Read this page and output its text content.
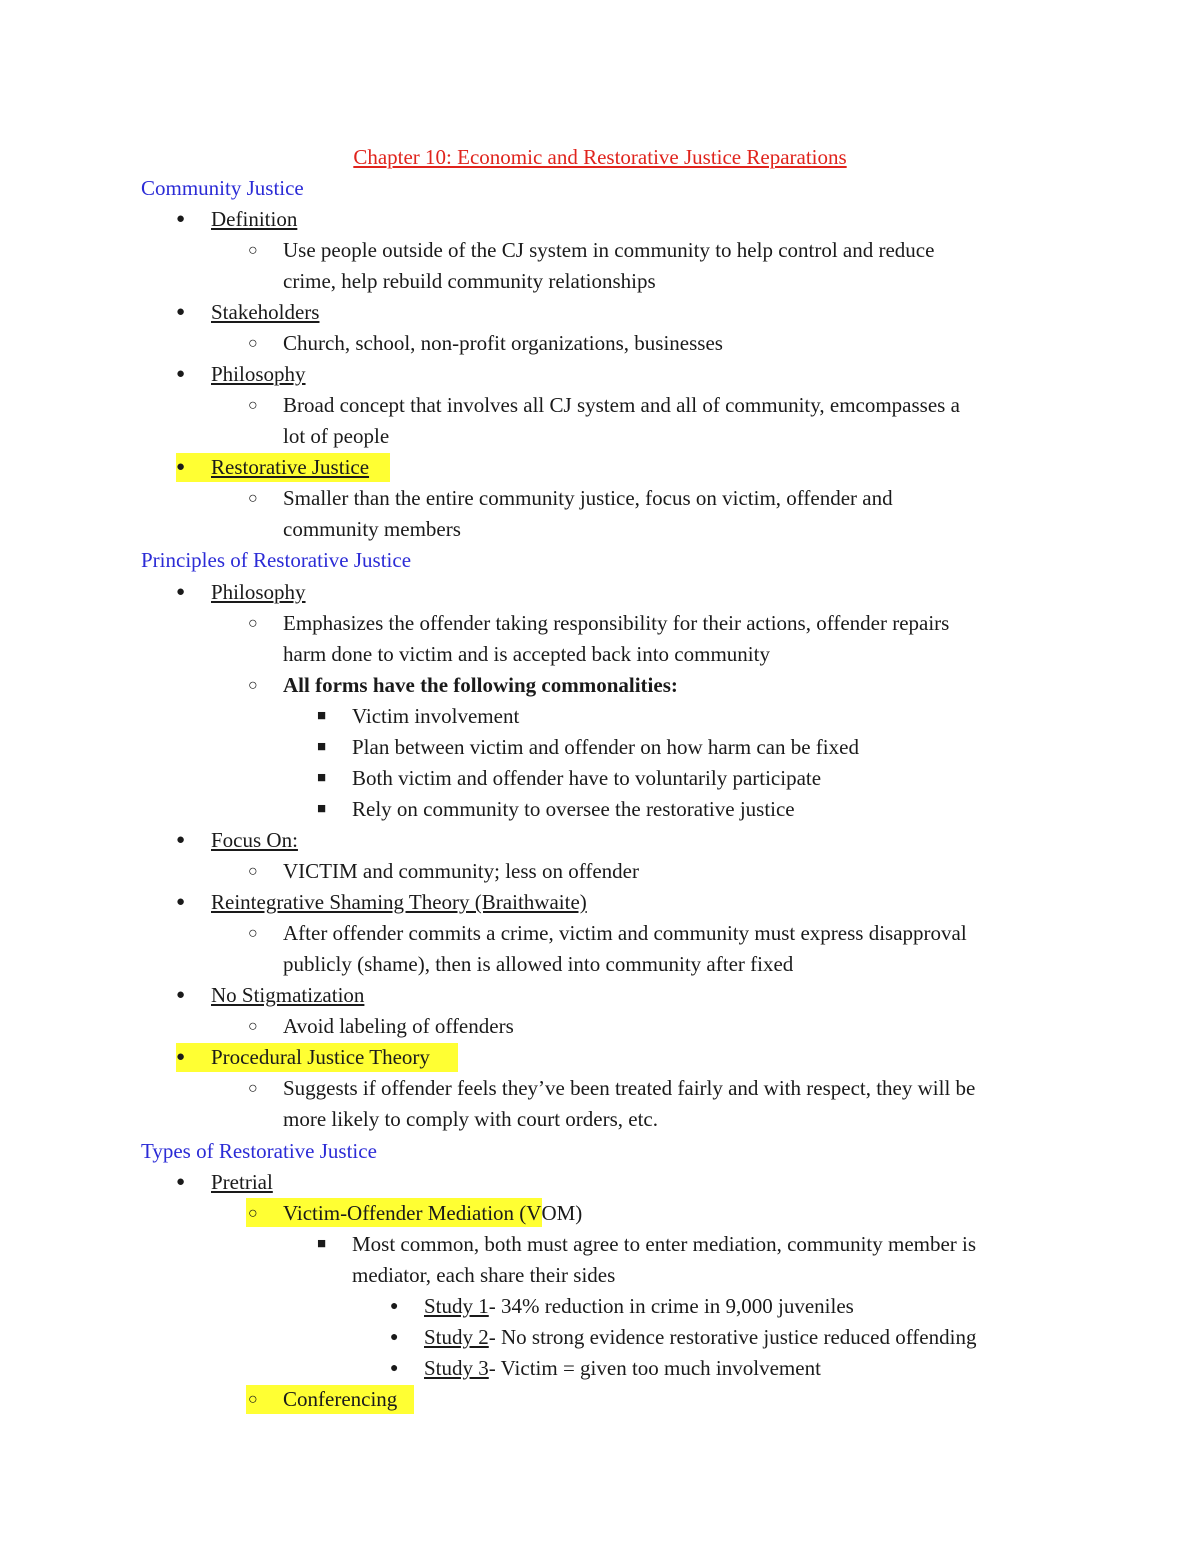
Chapter 10: Economic and Restorative Justice Reparations
Community Justice
● Definition
○ Use people outside of the CJ system in community to help control and reduce
crime, help rebuild community relationships
● Stakeholders
○ Church, school, non-profit organizations, businesses
● Philosophy
○ Broad concept that involves all CJ system and all of community, emcompasses a
lot of people
● Restorative Justice
○ Smaller than the entire community justice, focus on victim, offender and
community members
Principles of Restorative Justice
● Philosophy
○ Emphasizes the offender taking responsibility for their actions, offender repairs
harm done to victim and is accepted back into community
○ All forms have the following commonalities:
■ Victim involvement
■ Plan between victim and offender on how harm can be fixed
■ Both victim and offender have to voluntarily participate
■ Rely on community to oversee the restorative justice
● Focus On:
○ VICTIM and community; less on offender
● Reintegrative Shaming Theory (Braithwaite)
○ After offender commits a crime, victim and community must express disapproval
publicly (shame), then is allowed into community after fixed
● No Stigmatization
○ Avoid labeling of offenders
● Procedural Justice Theory
○ Suggests if offender feels they’ve been treated fairly and with respect, they will be
more likely to comply with court orders, etc.
Types of Restorative Justice
● Pretrial
○ Victim-Offender Mediation (VOM)
■ Most common, both must agree to enter mediation, community member is
mediator, each share their sides
● Study 1- 34% reduction in crime in 9,000 juveniles
● Study 2- No strong evidence restorative justice reduced offending
● Study 3- Victim = given too much involvement
○ Conferencing
